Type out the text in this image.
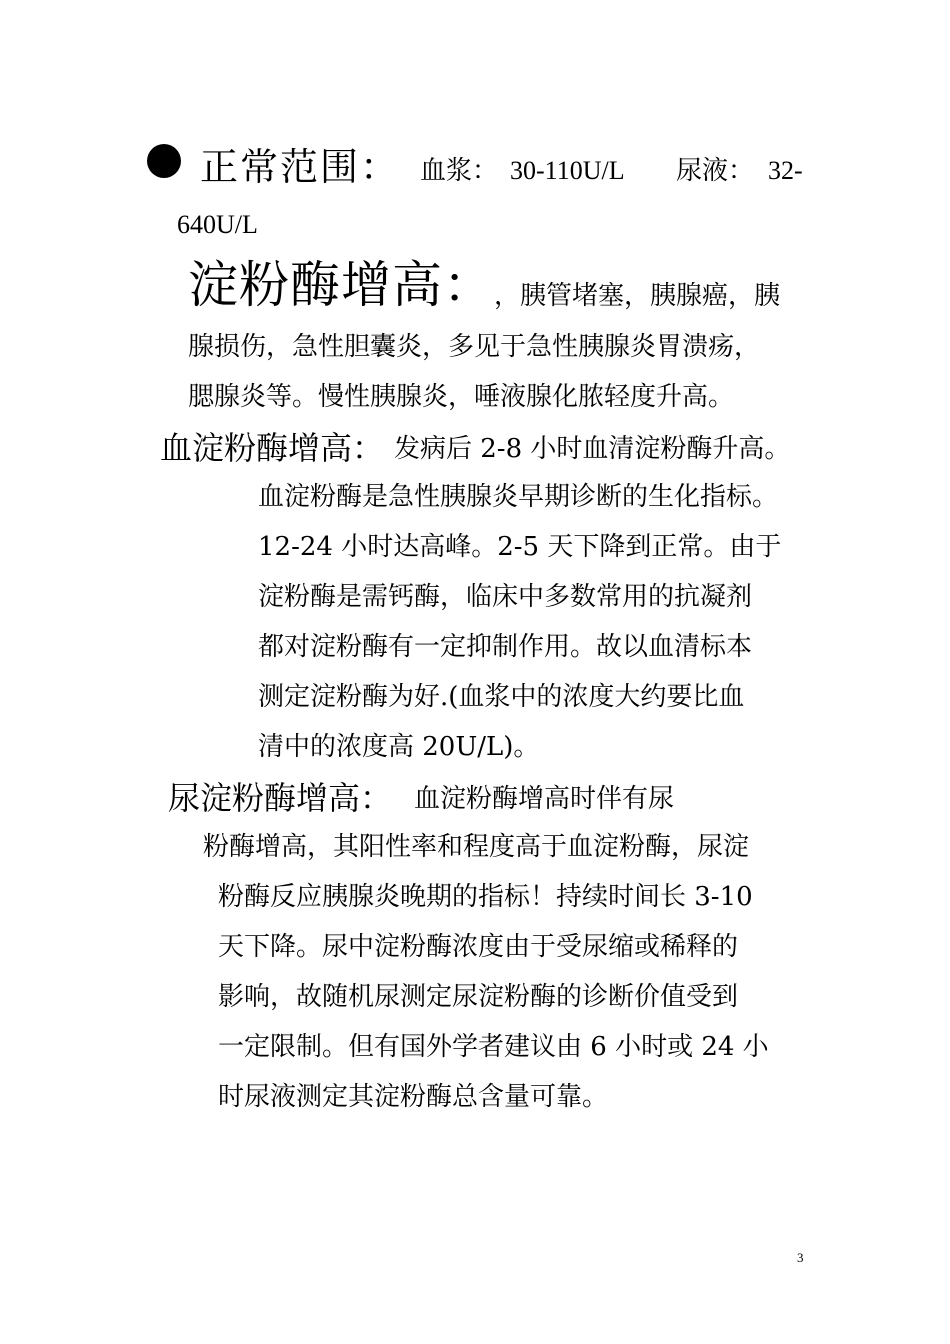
正常范围： 血浆： 30-110U/L 尿液： 32-
640U/L
淀粉酶增高： ，胰管堵塞，胰腺癌，胰
腺损伤，急性胆囊炎，多见于急性胰腺炎胃溃疡，
腮腺炎等。慢性胰腺炎，唾液腺化脓轻度升高。
血淀粉酶增高： 发病后 2-8 小时血清淀粉酶升高。
血淀粉酶是急性胰腺炎早期诊断的生化指标。
12-24 小时达高峰。2-5 天下降到正常。由于
淀粉酶是需钙酶，临床中多数常用的抗凝剂
都对淀粉酶有一定抑制作用。故以血清标本
测定淀粉酶为好.(血浆中的浓度大约要比血
清中的浓度高 20U/L)。
尿淀粉酶增高： 血淀粉酶增高时伴有尿
粉酶增高，其阳性率和程度高于血淀粉酶，尿淀
粉酶反应胰腺炎晚期的指标！持续时间长 3-10
天下降。尿中淀粉酶浓度由于受尿缩或稀释的
影响，故随机尿测定尿淀粉酶的诊断价值受到
一定限制。但有国外学者建议由 6 小时或 24 小
时尿液测定其淀粉酶总含量可靠。
3
